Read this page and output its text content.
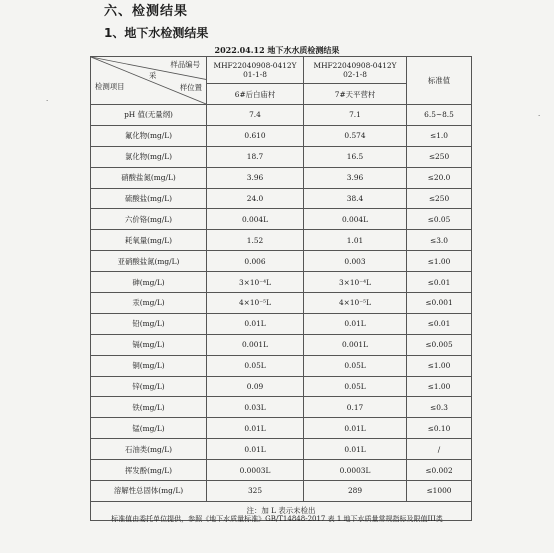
六、检测结果
1、地下水检测结果
2022.04.12 地下水水质检测结果
·
·
样品编号
采
检测项目 样位置	MHF22040908-0412Y 01-1-8	MHF22040908-0412Y 02-1-8	标准值
	6#后白庙村	7#天平营村	
pH 值(无量纲)	7.4	7.1	6.5~8.5
氟化物(mg/L)	0.610	0.574	≤1.0
氯化物(mg/L)	18.7	16.5	≤250
硝酸盐氮(mg/L)	3.96	3.96	≤20.0
硫酸盐(mg/L)	24.0	38.4	≤250
六价铬(mg/L)	0.004L	0.004L	≤0.05
耗氧量(mg/L)	1.52	1.01	≤3.0
亚硝酸盐氮(mg/L)	0.006	0.003	≤1.00
砷(mg/L)	3×10⁻⁴L	3×10⁻⁴L	≤0.01
汞(mg/L)	4×10⁻⁵L	4×10⁻⁵L	≤0.001
铅(mg/L)	0.01L	0.01L	≤0.01
镉(mg/L)	0.001L	0.001L	≤0.005
铜(mg/L)	0.05L	0.05L	≤1.00
锌(mg/L)	0.09	0.05L	≤1.00
铁(mg/L)	0.03L	0.17	≤0.3
锰(mg/L)	0.01L	0.01L	≤0.10
石油类(mg/L)	0.01L	0.01L	/
挥发酚(mg/L)	0.0003L	0.0003L	≤0.002
溶解性总固体(mg/L)	325	289	≤1000
注：加 L 表示未检出			
标准值由委托单位提供，参照《地下水质量标准》GB/T14848-2017 表 1 地下水质量常规指标及限值III类
